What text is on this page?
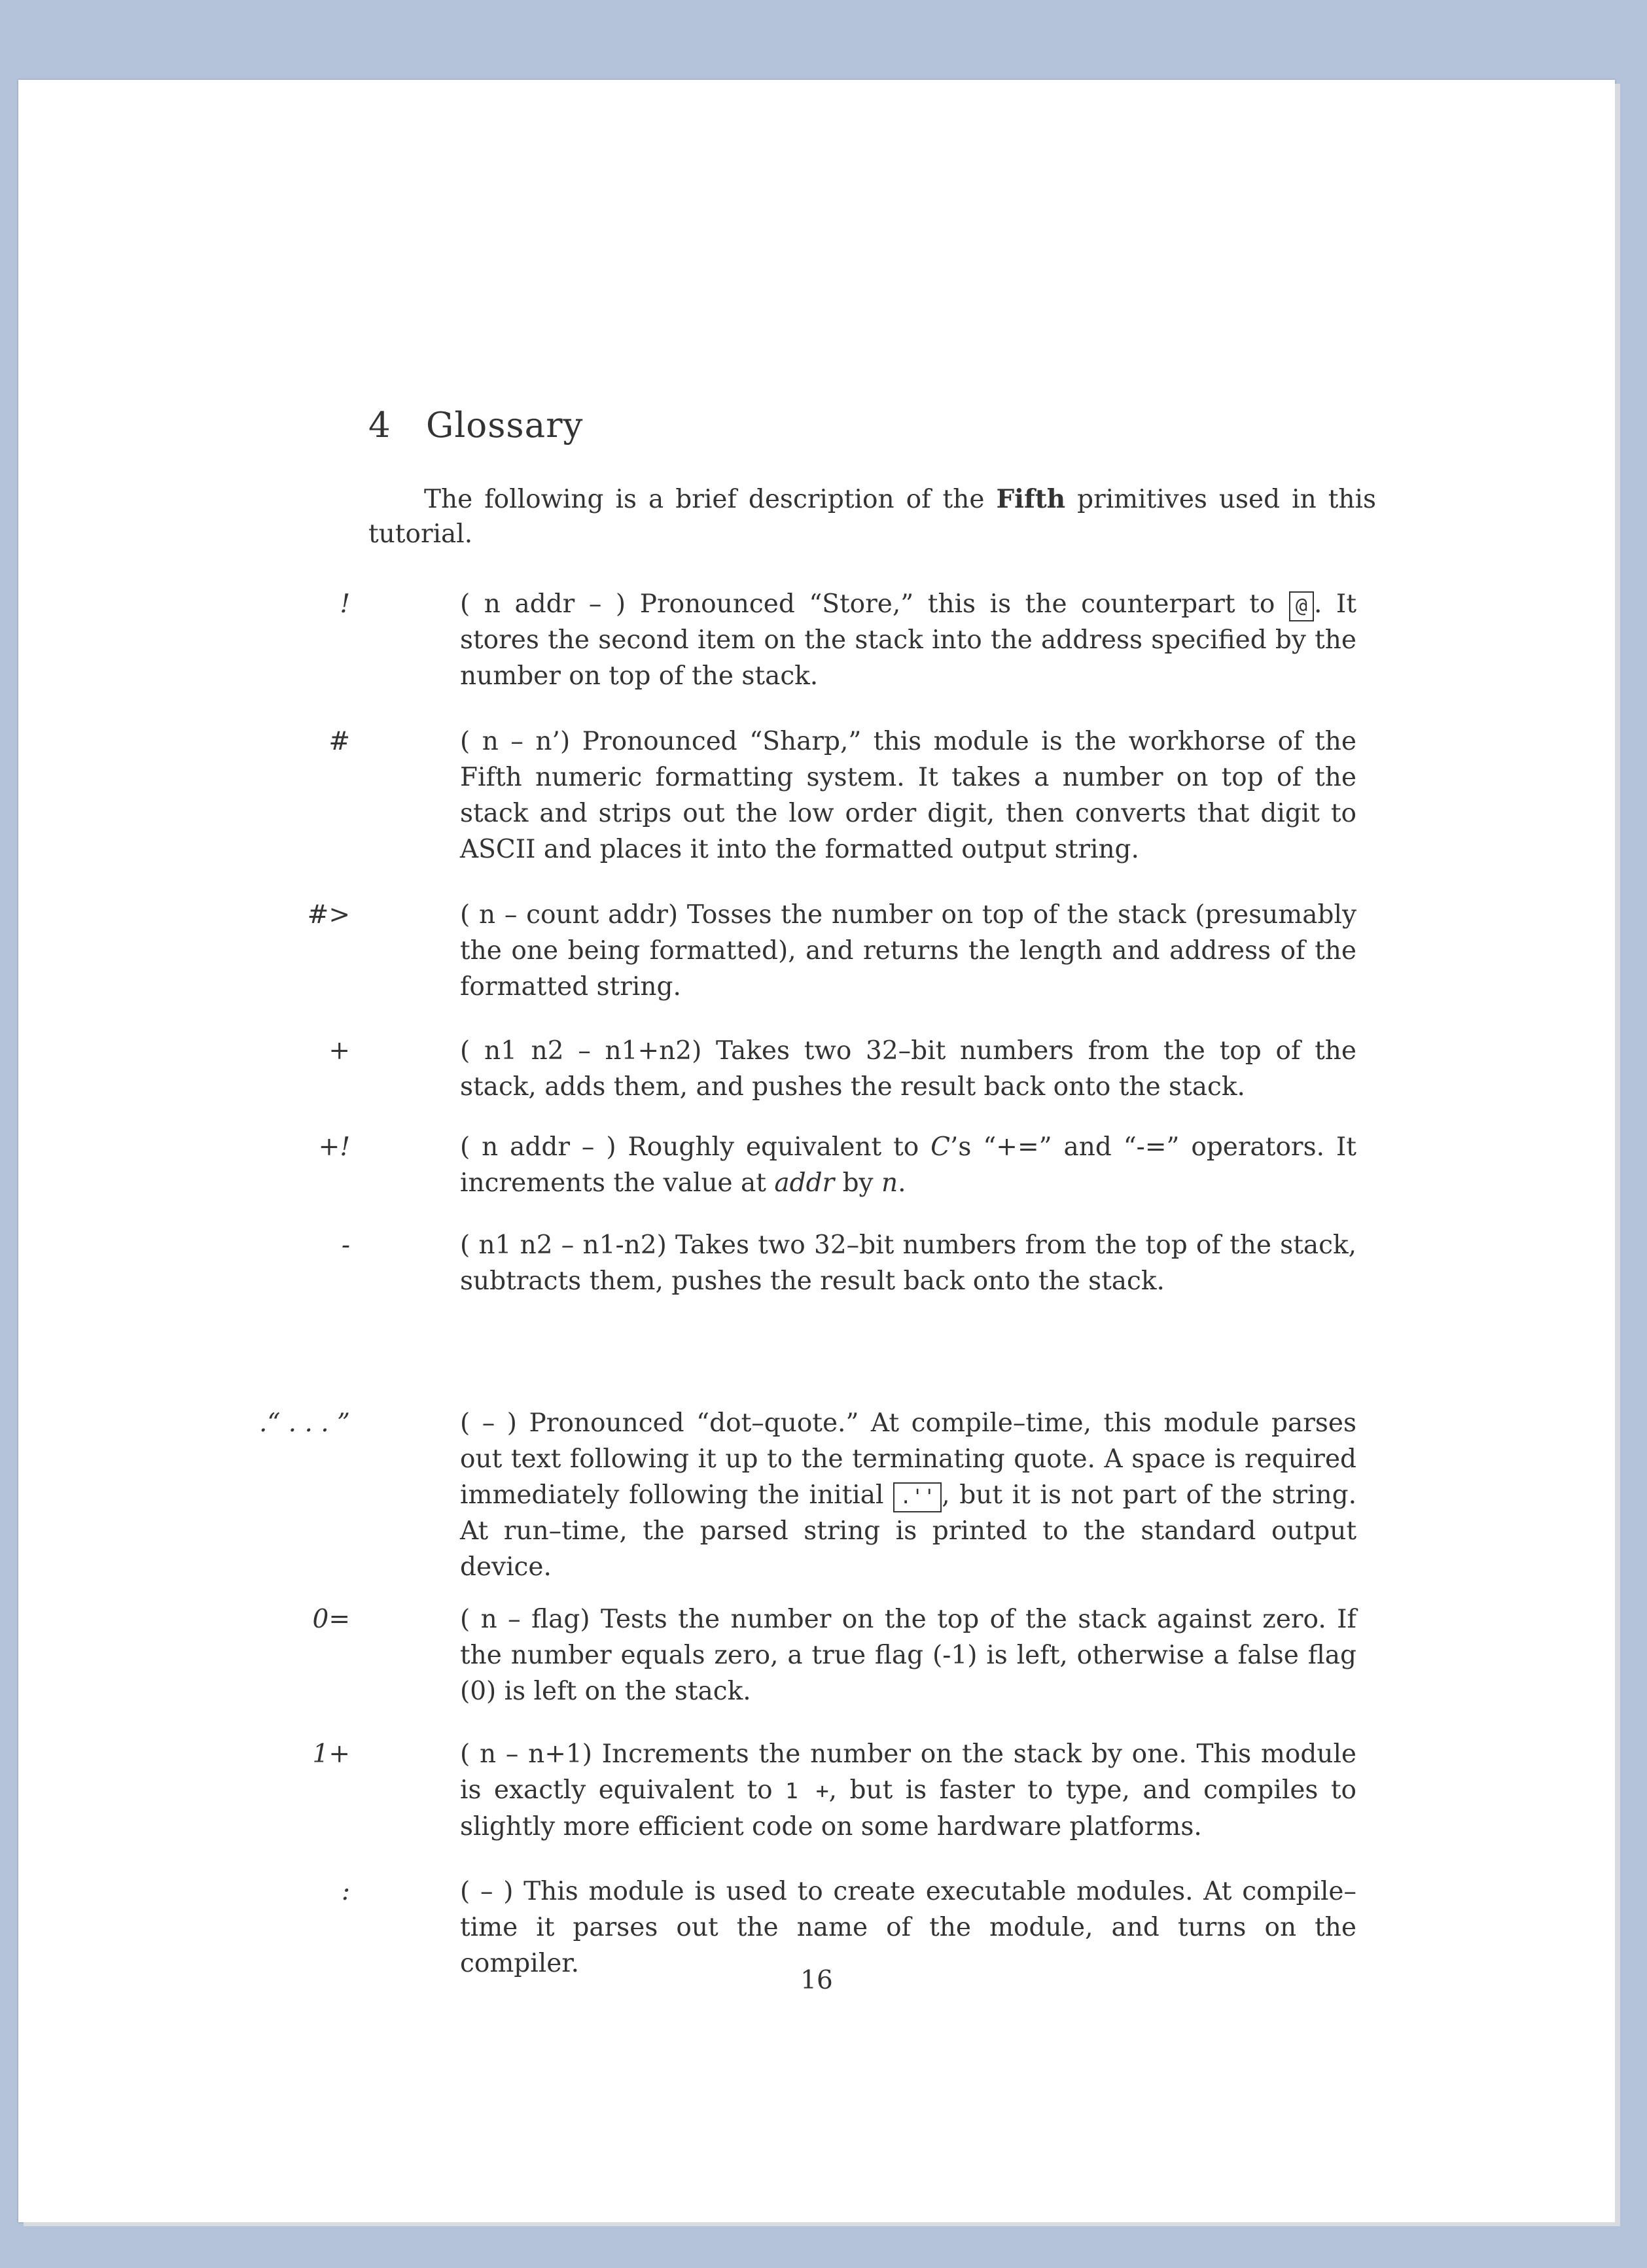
4 Glossary

The following is a brief description of the Fifth primitives used in this tutorial.

!	( n addr – ) Pronounced “Store,” this is the counterpart to @ . It stores the second item on the stack into the address specified by the number on top of the stack.

#	( n – n’) Pronounced “Sharp,” this module is the workhorse of the Fifth numeric formatting system. It takes a number on top of the stack and strips out the low order digit, then converts that digit to ASCII and places it into the formatted output string.

#>	( n – count addr) Tosses the number on top of the stack (presumably the one being formatted), and returns the length and address of the formatted string.

+	( n1 n2 – n1+n2) Takes two 32–bit numbers from the top of the stack, adds them, and pushes the result back onto the stack.

+!	( n addr – ) Roughly equivalent to C’s “+=” and “-=” operators. It increments the value at addr by n.

-	( n1 n2 – n1-n2) Takes two 32–bit numbers from the top of the stack, subtracts them, pushes the result back onto the stack.

.“ . . . ”	( – ) Pronounced “dot–quote.” At compile–time, this module parses out text following it up to the terminating quote. A space is required immediately following the initial .'' , but it is not part of the string. At run–time, the parsed string is printed to the standard output device.

0=	( n – flag) Tests the number on the top of the stack against zero. If the number equals zero, a true flag (-1) is left, otherwise a false flag (0) is left on the stack.

1+	( n – n+1) Increments the number on the stack by one. This module is exactly equivalent to 1 +, but is faster to type, and compiles to slightly more efficient code on some hardware platforms.

:	( – ) This module is used to create executable modules. At compile–time it parses out the name of the module, and turns on the compiler.

16
